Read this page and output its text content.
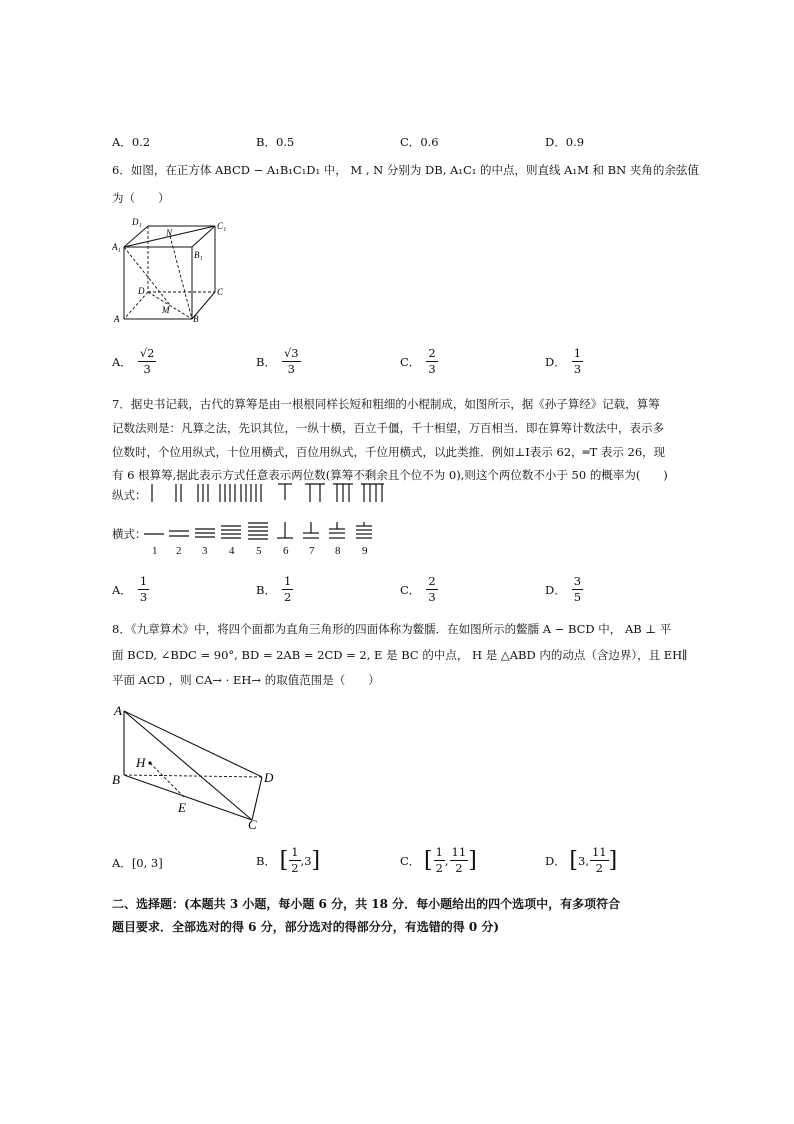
A．0.2	B．0.5	C．0.6	D．0.9
6．如图，在正方体 ABCD − A₁B₁C₁D₁ 中， M , N 分别为 DB, A₁C₁ 的中点，则直线 A₁M 和 BN 夹角的余弦值
为（　　）
D₁	C₁
A₁
B₁
N
D	C
A	B
M
A． $\frac{√2}{3}$	B． $\frac{√3}{3}$	C． $\frac{2}{3}$	D． $\frac{1}{3}$
7．据史书记载，古代的算筹是由一根根同样长短和粗细的小棍制成，如图所示，据《孙子算经》记载，算筹
记数法则是：凡算之法，先识其位，一纵十横，百立千僵，千十相望，万百相当．即在算筹计数法中，表示多
位数时，个位用纵式，十位用横式，百位用纵式，千位用横式，以此类推．例如⊥Ⅰ表示 62，═T 表示 26，现
有 6 根算筹,据此表示方式任意表示两位数(算筹不剩余且个位不为 0),则这个两位数不小于 50 的概率为(　　)
纵式：
横式：
1 2 3 4 5 6 7 8 9
A． $\frac{1}{3}$	B． $\frac{1}{2}$	C． $\frac{2}{3}$	D． $\frac{3}{5}$
8．《九章算术》中，将四个面都为直角三角形的四面体称为鳖臑．在如图所示的鳖臑 A − BCD 中， AB ⊥ 平
面 BCD, ∠BDC = 90°, BD = 2AB = 2CD = 2, E 是 BC 的中点， H 是 △ABD 内的动点（含边界），且 EH∥
平面 ACD ，则 CA→ · EH→ 的取值范围是（　　）
A
H
B	D
E
C
A．[0, 3]	B． [ $\frac{1}{2} ,3$]	C． [ $\frac{1}{2}$ , $\frac{11}{2}$ ]	D． [3, $\frac{11}{2}$ ]
二、选择题：(本题共 3 小题，每小题 6 分，共 18 分．每小题给出的四个选项中，有多项符合
题目要求．全部选对的得 6 分，部分选对的得部分分，有选错的得 0 分)
